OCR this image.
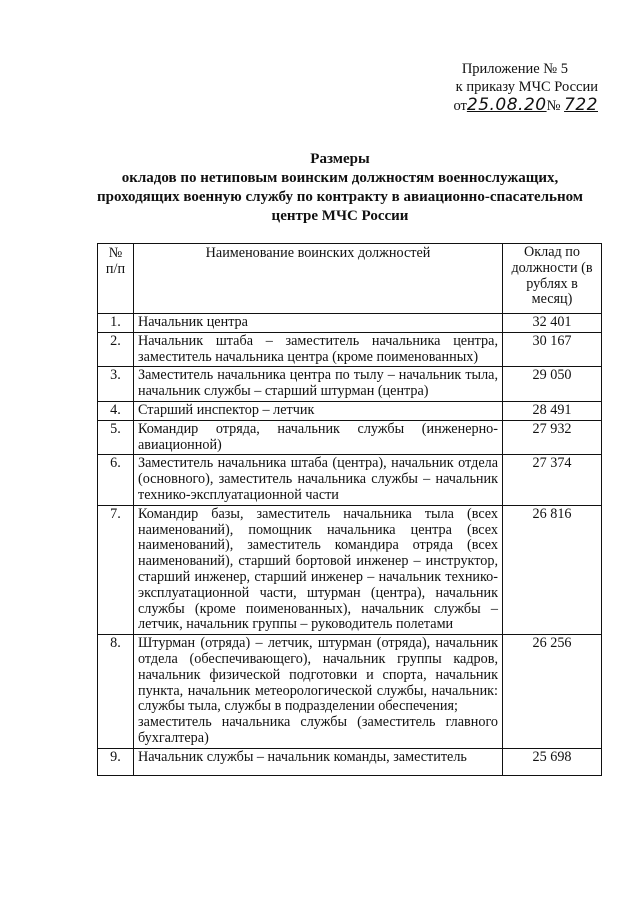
Приложение № 5
к приказу МЧС России
от25.08.20№ 722
Размеры
окладов по нетиповым воинским должностям военнослужащих,
проходящих военную службу по контракту в авиационно-спасательном
центре МЧС России
№ п/п	Наименование воинских должностей	Оклад по должности (в рублях в месяц)
1.	Начальник центра	32 401
2.	Начальник штаба – заместитель начальника центра, заместитель начальника центра (кроме поименованных)	30 167
3.	Заместитель начальника центра по тылу – начальник тыла, начальник службы – старший штурман (центра)	29 050
4.	Старший инспектор – летчик	28 491
5.	Командир отряда, начальник службы (инженерно-авиационной)	27 932
6.	Заместитель начальника штаба (центра), начальник отдела (основного), заместитель начальника службы – начальник технико-эксплуатационной части	27 374
7.	Командир базы, заместитель начальника тыла (всех наименований), помощник начальника центра (всех наименований), заместитель командира отряда (всех наименований), старший бортовой инженер – инструктор, старший инженер, старший инженер – начальник технико-эксплуатационной части, штурман (центра), начальник службы (кроме поименованных), начальник службы – летчик, начальник группы – руководитель полетами	26 816
8.	Штурман (отряда) – летчик, штурман (отряда), начальник отдела (обеспечивающего), начальник группы кадров, начальник физической подготовки и спорта, начальник пункта, начальник метеорологической службы, начальник: службы тыла, службы в подразделении обеспечения;
заместитель начальника службы (заместитель главного бухгалтера)	26 256
9.	Начальник службы – начальник команды, заместитель	25 698
